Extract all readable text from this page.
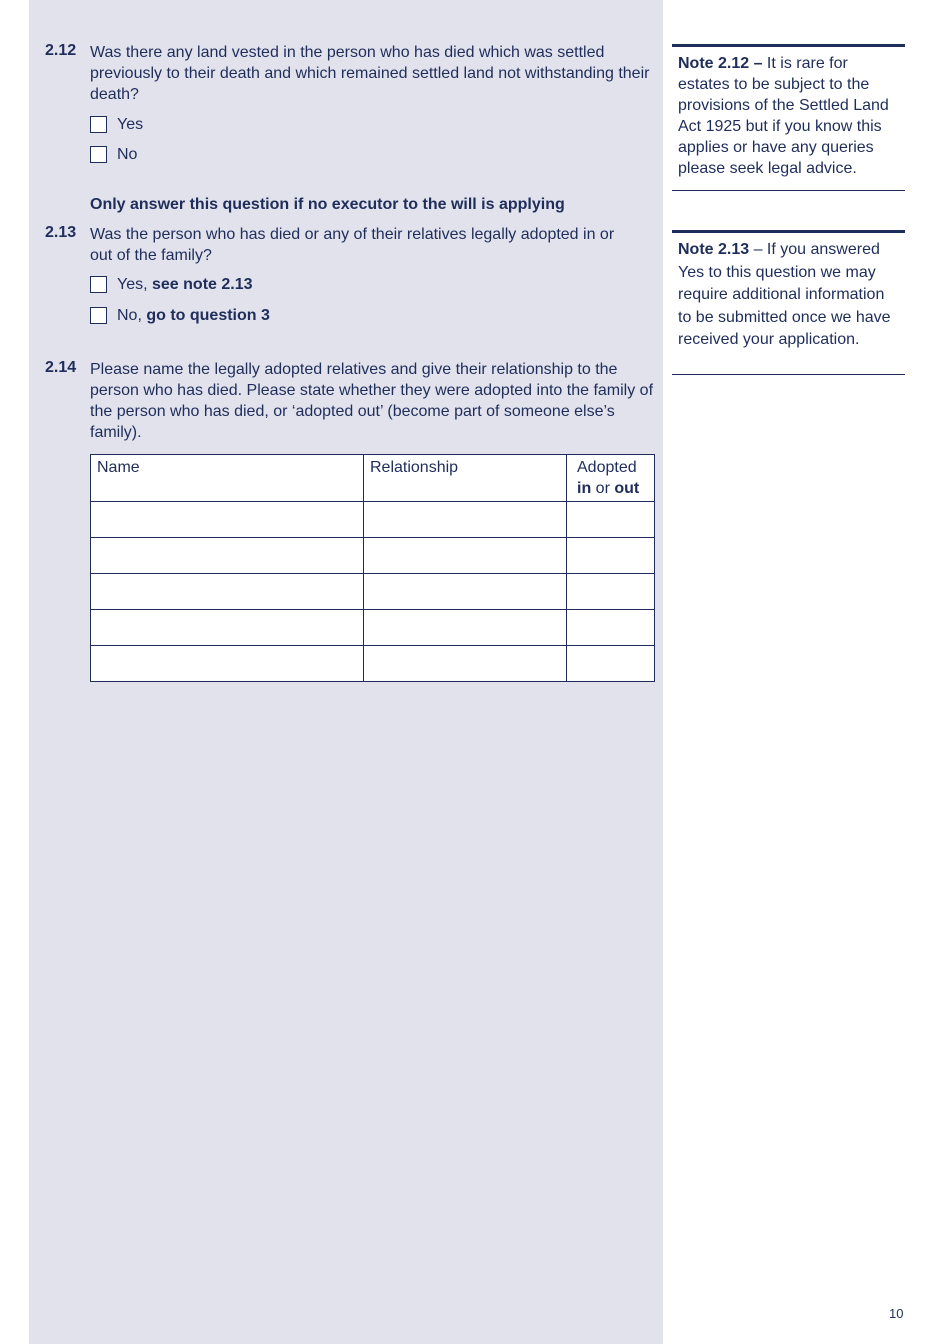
2.12 Was there any land vested in the person who has died which was settled previously to their death and which remained settled land not withstanding their death?
Yes
No
Only answer this question if no executor to the will is applying
2.13 Was the person who has died or any of their relatives legally adopted in or out of the family?
Yes, see note 2.13
No, go to question 3
2.14 Please name the legally adopted relatives and give their relationship to the person who has died. Please state whether they were adopted into the family of the person who has died, or ‘adopted out’ (become part of someone else’s family).
Name	Relationship	Adopted
in or out

Note 2.12 – It is rare for estates to be subject to the provisions of the Settled Land Act 1925 but if you know this applies or have any queries please seek legal advice.
Note 2.13 – If you answered Yes to this question we may require additional information to be submitted once we have received your application.
10
